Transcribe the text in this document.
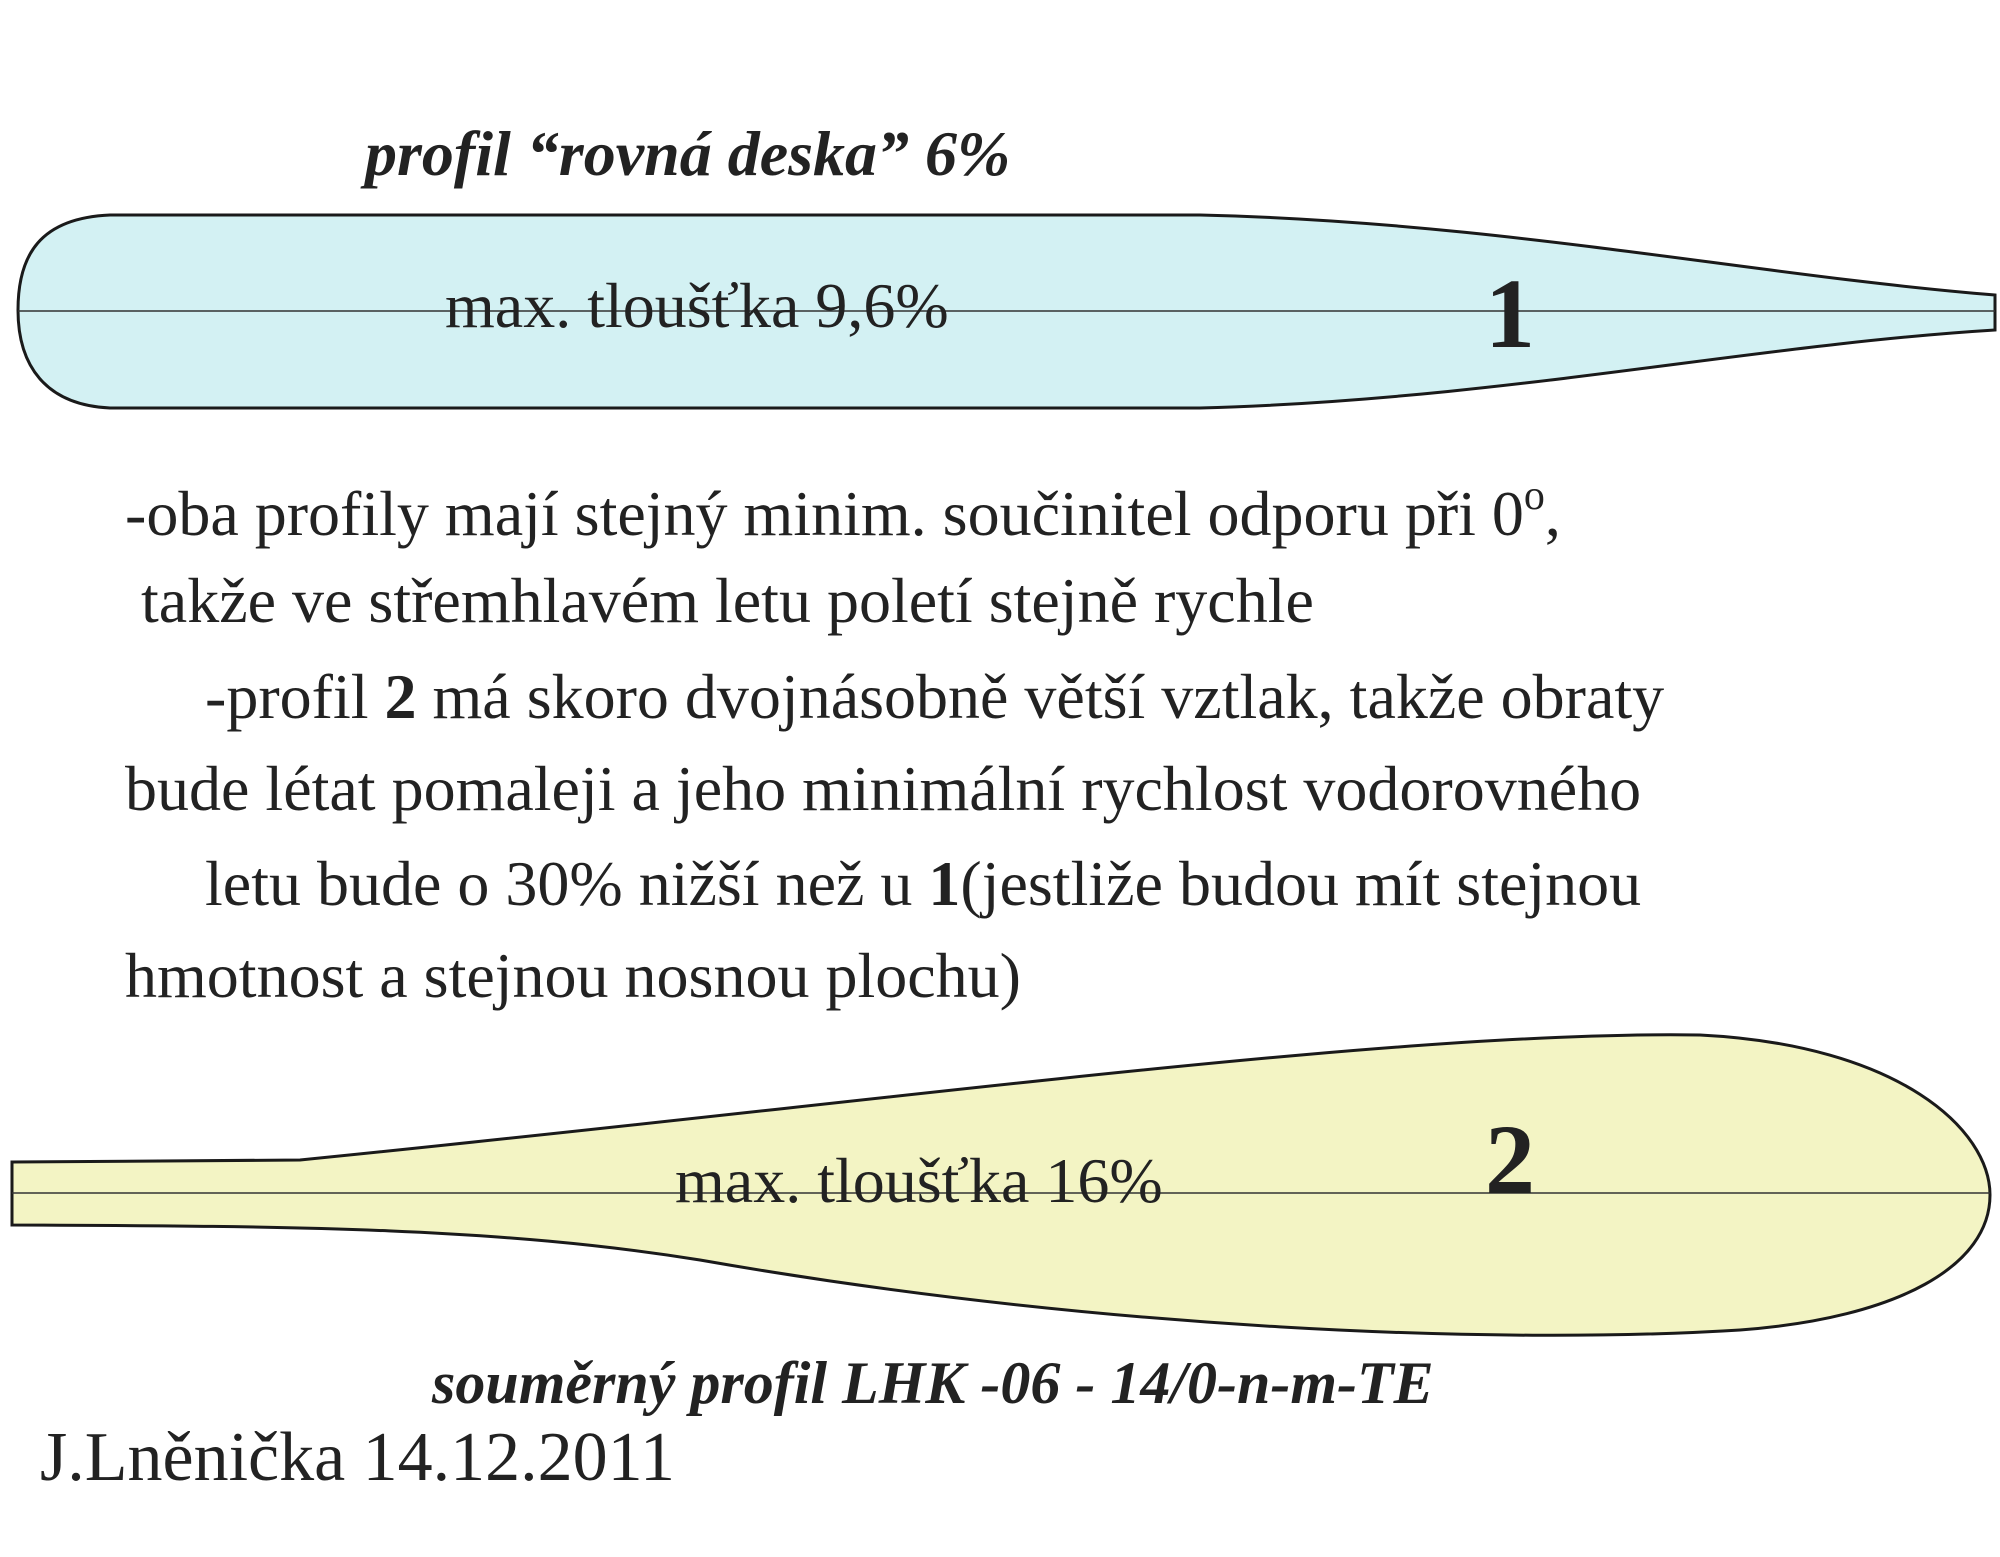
profil “rovná deska” 6%
max. tloušťka 9,6%	1
-oba profily mají stejný minim. součinitel odporu při 0$^o$,
takže ve střemhlavém letu poletí stejně rychle
-profil 2 má skoro dvojnásobně větší vztlak, takže obraty
bude létat pomaleji a jeho minimální rychlost vodorovného
letu bude o 30% nižší než u 1(jestliže budou mít stejnou
hmotnost a stejnou nosnou plochu)
max. tloušťka 16%	2
souměrný profil LHK -06 - 14/0-n-m-TE
J.Lněnička 14.12.2011
